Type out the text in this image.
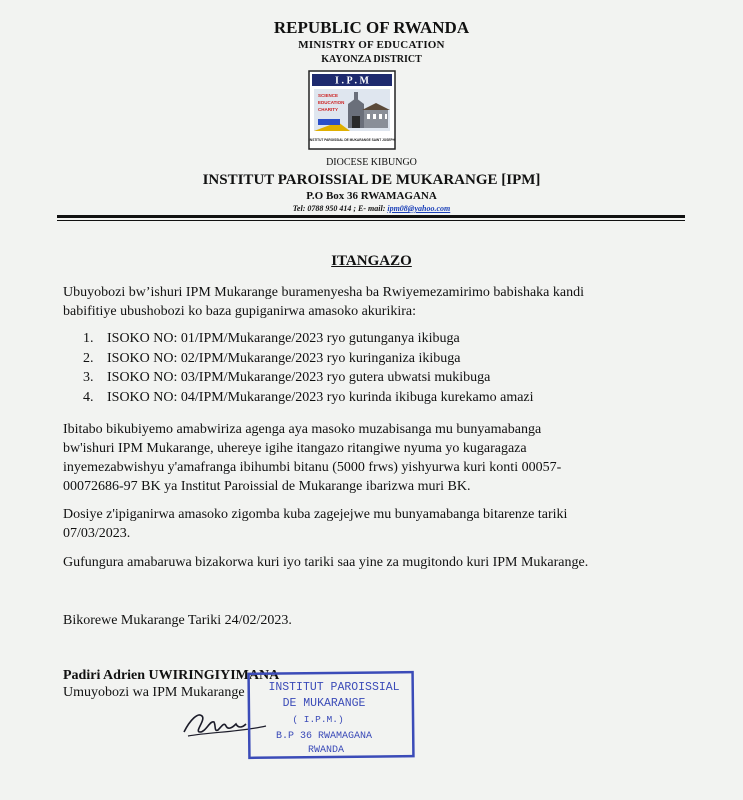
REPUBLIC OF RWANDA
MINISTRY OF EDUCATION
KAYONZA DISTRICT
I . P . M
SCIENCE
EDUCATION
CHARITY
INSTITUT PAROISSIAL DE MUKARANGE SAINT JOSEPH
DIOCESE KIBUNGO
INSTITUT PAROISSIAL DE MUKARANGE [IPM]
P.O Box 36 RWAMAGANA
Tel: 0788 950 414 ; E- mail: ipm08@yahoo.com
ITANGAZO
Ubuyobozi bw’ishuri IPM Mukarange buramenyesha ba Rwiyemezamirimo babishaka kandi
babifitiye ubushobozi ko baza gupiganirwa amasoko akurikira:
1. ISOKO NO: 01/IPM/Mukarange/2023 ryo gutunganya ikibuga
2. ISOKO NO: 02/IPM/Mukarange/2023 ryo kuringaniza ikibuga
3. ISOKO NO: 03/IPM/Mukarange/2023 ryo gutera ubwatsi mukibuga
4. ISOKO NO: 04/IPM/Mukarange/2023 ryo kurinda ikibuga kurekamo amazi
Ibitabo bikubiyemo amabwiriza agenga aya masoko muzabisanga mu bunyamabanga
bw'ishuri IPM Mukarange, uhereye igihe itangazo ritangiwe nyuma yo kugaragaza
inyemezabwishyu y'amafranga ibihumbi bitanu (5000 frws) yishyurwa kuri konti 00057-
00072686-97 BK ya Institut Paroissial de Mukarange ibarizwa muri BK.
Dosiye z'ipiganirwa amasoko zigomba kuba zagejejwe mu bunyamabanga bitarenze tariki
07/03/2023.
Gufungura amabaruwa bizakorwa kuri iyo tariki saa yine za mugitondo kuri IPM Mukarange.
Bikorewe Mukarange Tariki 24/02/2023.
Padiri Adrien UWIRINGIYIMANA
Umuyobozi wa IPM Mukarange INSTITUT PAROISSIAL
DE MUKARANGE
( I.P.M.)
B.P 36 RWAMAGANA
RWANDA
